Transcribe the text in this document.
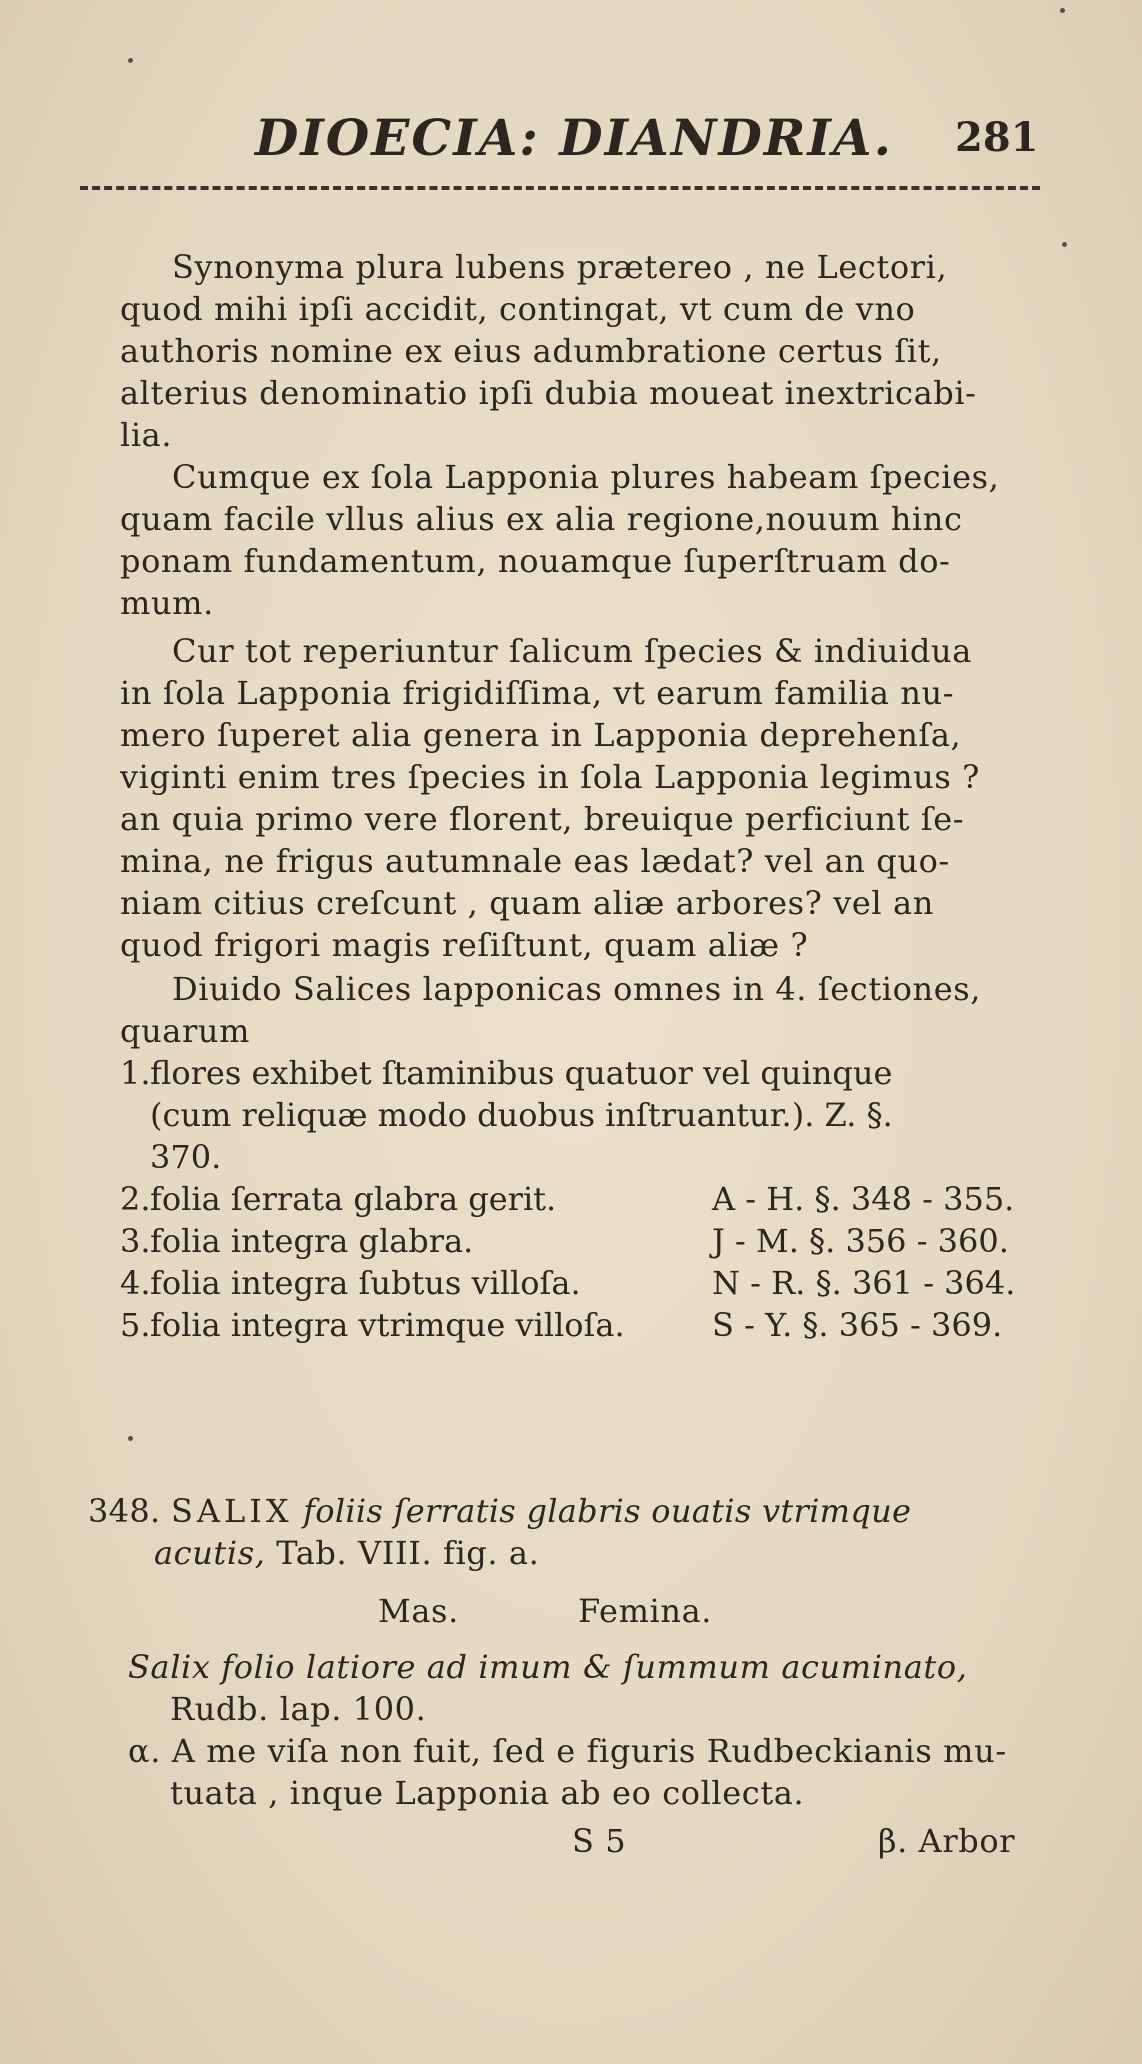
DIOECIA: DIANDRIA. 281
Synonyma plura lubens prætereo , ne Lectori,
quod mihi ipſi accidit, contingat, vt cum de vno
authoris nomine ex eius adumbratione certus ſit,
alterius denominatio ipſi dubia moueat inextricabi-
lia.
Cumque ex ſola Lapponia plures habeam ſpecies,
quam facile vllus alius ex alia regione,nouum hinc
ponam fundamentum, nouamque ſuperſtruam do-
mum.
Cur tot reperiuntur ſalicum ſpecies & indiuidua
in ſola Lapponia frigidiſſima, vt earum familia nu-
mero ſuperet alia genera in Lapponia deprehenſa,
viginti enim tres ſpecies in ſola Lapponia legimus ?
an quia primo vere florent, breuique perficiunt ſe-
mina, ne frigus autumnale eas lædat? vel an quo-
niam citius creſcunt , quam aliæ arbores? vel an
quod frigori magis reſiſtunt, quam aliæ ?
Diuido Salices lapponicas omnes in 4. ſectiones,
quarum
1. flores exhibet ſtaminibus quatuor vel quinque
(cum reliquæ modo duobus inſtruantur.). Z. §.
370.
2. folia ſerrata glabra gerit.	A - H. §. 348 - 355.
3. folia integra glabra.	J - M. §. 356 - 360.
4. folia integra ſubtus villoſa.	N - R. §. 361 - 364.
5. folia integra vtrimque villoſa.	S - Y. §. 365 - 369.
348. SALIX foliis ſerratis glabris ouatis vtrimque
acutis, Tab. VIII. fig. a.
Mas.	Femina.
Salix folio latiore ad imum & ſummum acuminato,
Rudb. lap. 100.
α. A me viſa non fuit, ſed e figuris Rudbeckianis mu-
tuata , inque Lapponia ab eo collecta.
S 5	β. Arbor
